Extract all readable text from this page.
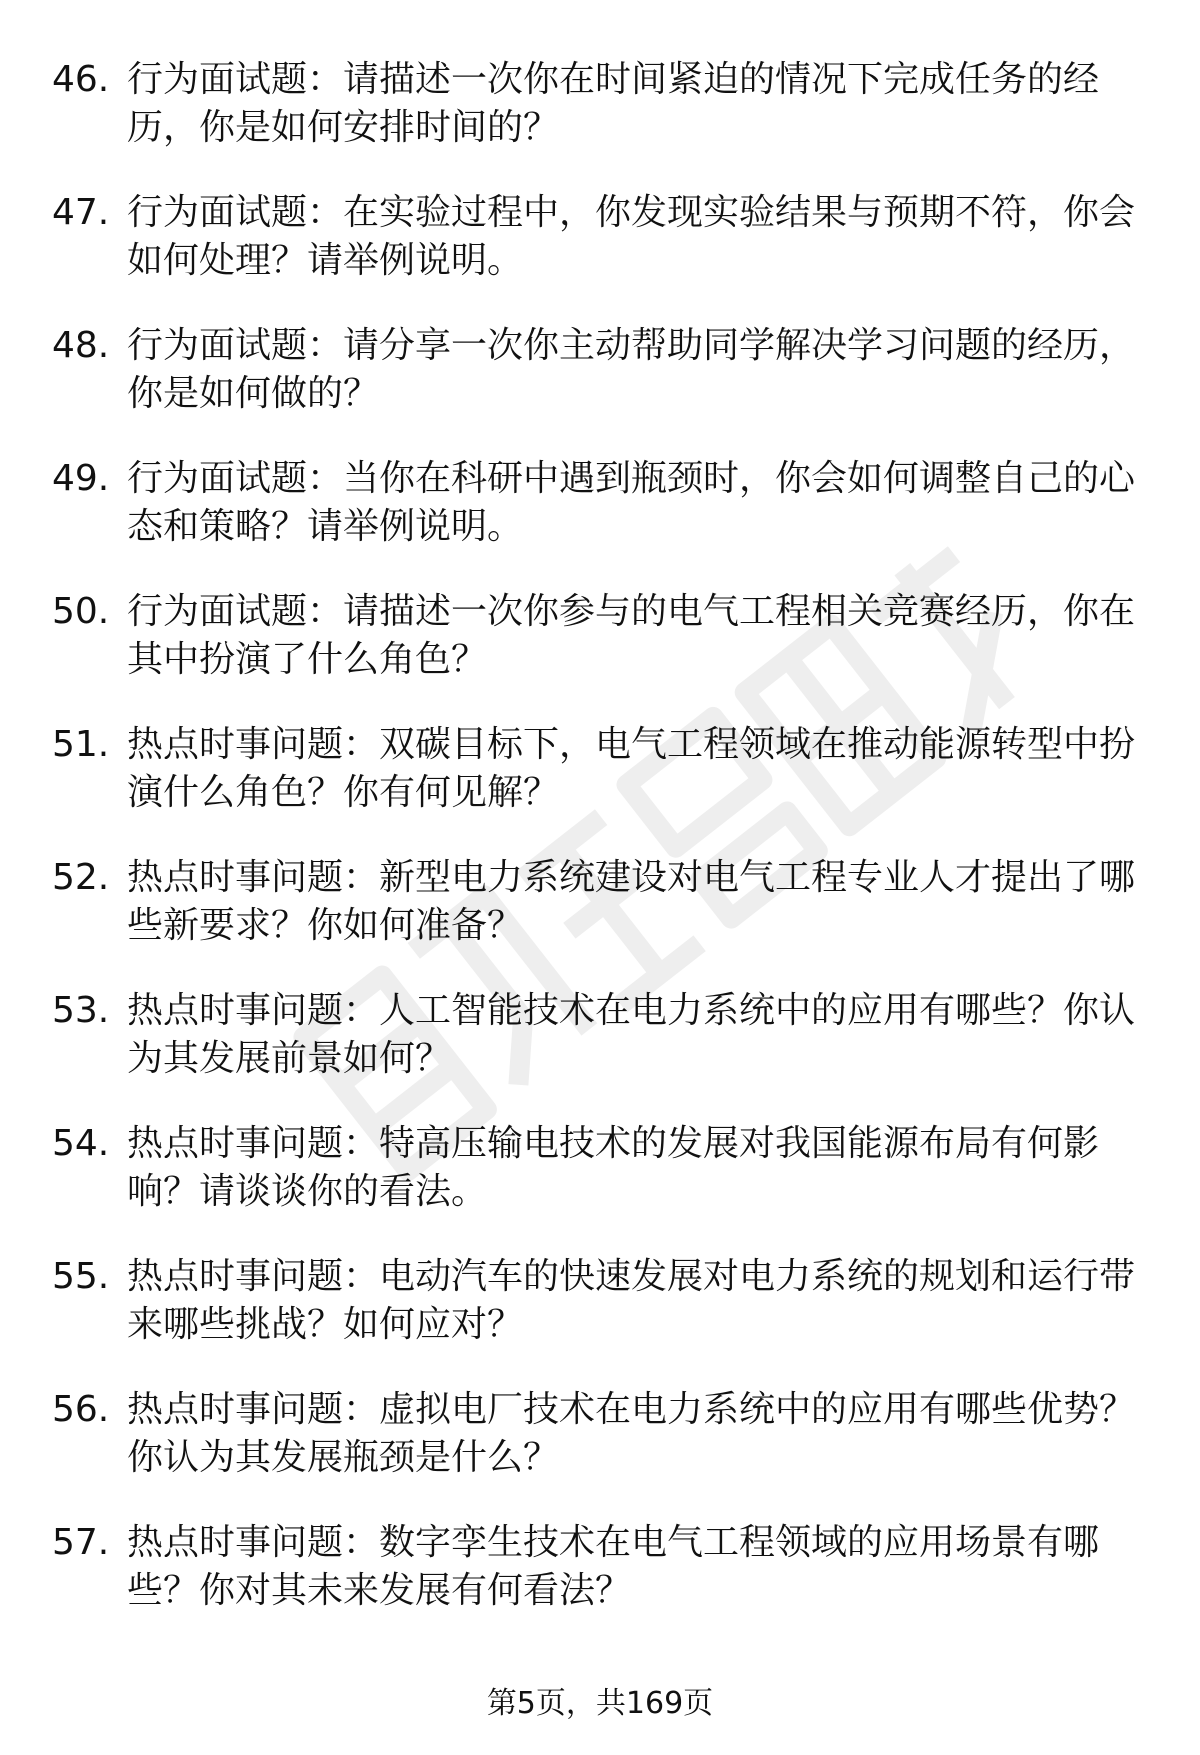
46. 行为面试题：请描述一次你在时间紧迫的情况下完成任务的经
历，你是如何安排时间的？
47. 行为面试题：在实验过程中，你发现实验结果与预期不符，你会
如何处理？请举例说明。
48. 行为面试题：请分享一次你主动帮助同学解决学习问题的经历，
你是如何做的？
49. 行为面试题：当你在科研中遇到瓶颈时，你会如何调整自己的心
态和策略？请举例说明。
50. 行为面试题：请描述一次你参与的电气工程相关竞赛经历，你在
其中扮演了什么角色？
51. 热点时事问题：双碳目标下，电气工程领域在推动能源转型中扮
演什么角色？你有何见解？
52. 热点时事问题：新型电力系统建设对电气工程专业人才提出了哪
些新要求？你如何准备？
53. 热点时事问题：人工智能技术在电力系统中的应用有哪些？你认
为其发展前景如何？
54. 热点时事问题：特高压输电技术的发展对我国能源布局有何影
响？请谈谈你的看法。
55. 热点时事问题：电动汽车的快速发展对电力系统的规划和运行带
来哪些挑战？如何应对？
56. 热点时事问题：虚拟电厂技术在电力系统中的应用有哪些优势？
你认为其发展瓶颈是什么？
57. 热点时事问题：数字孪生技术在电气工程领域的应用场景有哪
些？你对其未来发展有何看法？
第5页，共169页
